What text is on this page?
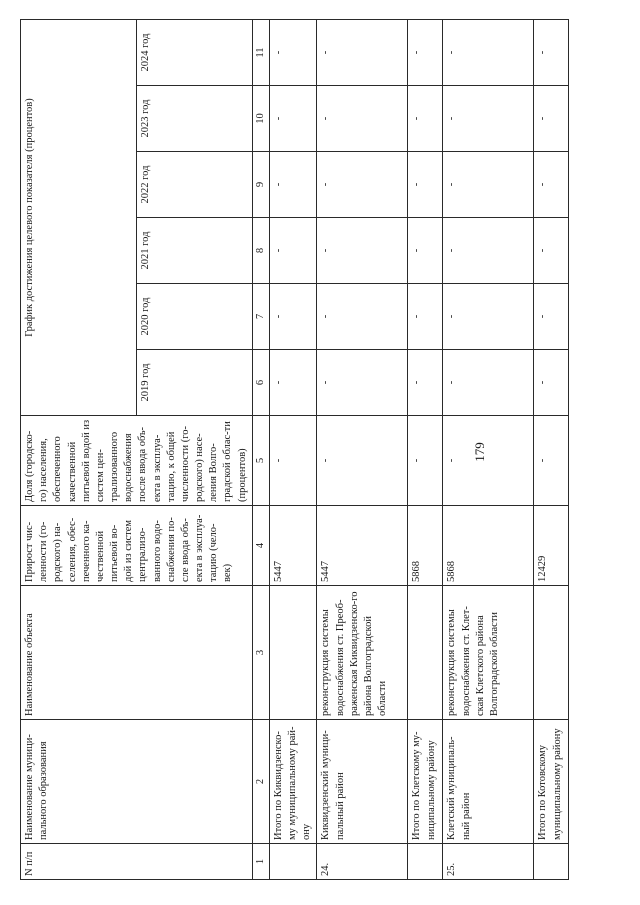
179
N п/п	Наименование муници-пального образования	Наименование объекта	Прирост чис-ленности (го-родского) на-селения, обес-печенного ка-чественной питьевой во-дой из систем централизо-ванного водо-снабжения по-сле ввода объ-екта в эксплуа-тацию (чело-век)	Доля (городско-го) населения, обеспеченного качественной питьевой водой из систем цен-трализованного водоснабжения после ввода объ-екта в эксплуа-тацию, к общей численности (го-родского) насе-ления Волго-градской облас-ти (процентов)	График достижения целевого показателя (процентов)					
					2019 год	2020 год	2021 год	2022 год	2023 год	2024 год
1	2	3	4	5	6	7	8	9	10	11
	Итого по Киквидзенско-му муниципальному рай-ону		5447	-	-	-	-	-	-	-
24.	Киквидзенский муници-пальный район	реконструкция системы водоснабжения ст. Преоб-раженская Киквидзенско-го района Волгоградской области	5447	-	-	-	-	-	-	-
	Итого по Клетскому му-ниципальному району		5868	-	-	-	-	-	-	-
25.	Клетский муниципаль-ный район	реконструкция системы водоснабжения ст. Клет-ская Клетского района Волгоградской области	5868	-	-	-	-	-	-	-
	Итого по Котовскому муниципальному району		12429	-	-	-	-	-	-	-
